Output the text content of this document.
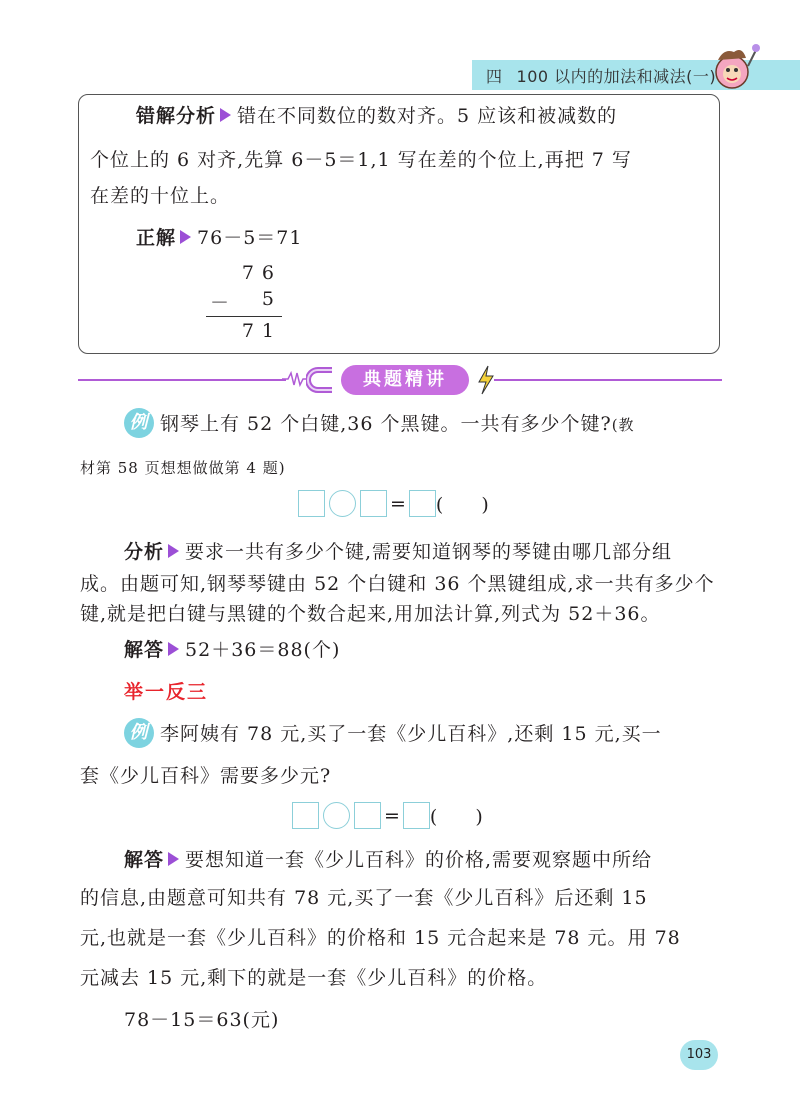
四 100 以内的加法和减法(一)

错解分析 错在不同数位的数对齐。5 应该和被减数的

个位上的 6 对齐,先算 6－5＝1,1 写在差的个位上,再把 7 写

在差的十位上。

正解 76－5＝71

76
－	5
71
典题精讲

例 钢琴上有 52 个白键,36 个黑键。一共有多少个键?(教

材第 58 页想想做做第 4 题)

= (　　)

分析 要求一共有多少个键,需要知道钢琴的琴键由哪几部分组

成。由题可知,钢琴琴键由 52 个白键和 36 个黑键组成,求一共有多少个

键,就是把白键与黑键的个数合起来,用加法计算,列式为 52＋36。

解答 52＋36＝88(个)

举一反三

例 李阿姨有 78 元,买了一套《少儿百科》,还剩 15 元,买一

套《少儿百科》需要多少元?

= (　　)

解答 要想知道一套《少儿百科》的价格,需要观察题中所给

的信息,由题意可知共有 78 元,买了一套《少儿百科》后还剩 15

元,也就是一套《少儿百科》的价格和 15 元合起来是 78 元。用 78

元减去 15 元,剩下的就是一套《少儿百科》的价格。

78－15＝63(元)

103
